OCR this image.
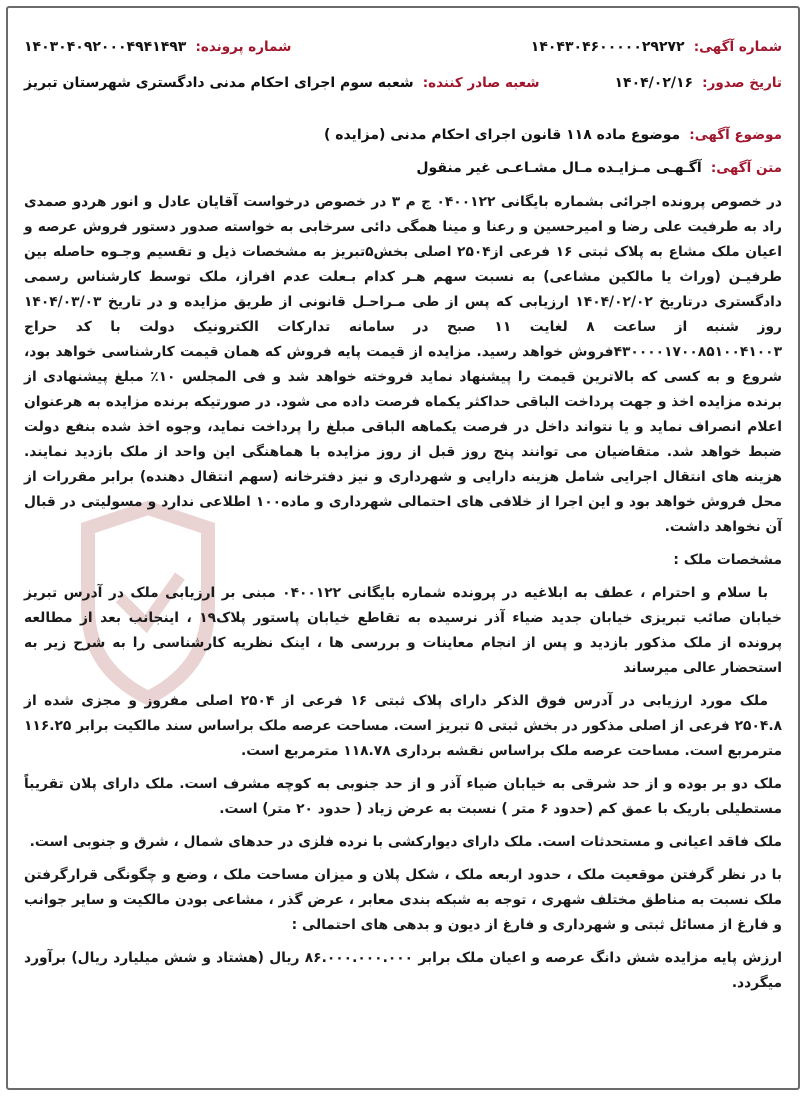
شماره آگهی: ۱۴۰۴۳۰۴۶۰۰۰۰۰۲۹۲۷۲
شماره پرونده: ۱۴۰۳۰۴۰۹۲۰۰۰۴۹۴۱۴۹۳
تاریخ صدور: ۱۴۰۴/۰۲/۱۶
شعبه صادر کننده: شعبه سوم اجرای احکام مدنی دادگستری شهرستان تبریز
موضوع آگهی: موضوع ماده ۱۱۸ قانون اجرای احکام مدنی (مزایده )
متن آگهی: آگـهـی مـزایـده مـال مشـاعـی غیر منقول

در خصوص پرونده اجرائی بشماره بایگانی ۰۴۰۰۱۲۲ ج م ۳ در خصوص درخواست آقایان عادل و انور هردو صمدی راد به طرفیت علی رضا و امیرحسین و رعنا و مینا همگی دائی سرخابی به خواسته صدور دستور فروش عرصه و اعیان ملک مشاع به پلاک ثبتی ۱۶ فرعی از۲۵۰۴ اصلی بخش۵تبریز به مشخصات ذیل و تقسیم وجـوه حاصله بین طرفیـن (وراث یا مالکین مشاعی) به نسبت سهم هـر کدام بـعلت عدم افراز، ملک توسط کارشناس رسمی دادگستری درتاریخ ۱۴۰۴/۰۲/۰۲ ارزیابی که پس از طی مـراحـل قانونی از طریق مزایده و در تاریخ ۱۴۰۴/۰۳/۰۳ روز شنبه از ساعت ۸ لغایت ۱۱ صبح در سامانه تدارکات الکترونیک دولت با کد حراج ۴۳۰۰۰۰۱۷۰۰۸۵۱۰۰۴۱۰۰۳فروش خواهد رسید. مزایده از قیمت پایه فروش که همان قیمت کارشناسی خواهد بود، شروع و به کسی که بالاترین قیمت را پیشنهاد نماید فروخته خواهد شد و فی المجلس ۱۰٪ مبلغ پیشنهادی از برنده مزایده اخذ و جهت پرداخت الباقی حداکثر یکماه فرصت داده می شود. در صورتیکه برنده مزایده به هرعنوان اعلام انصراف نماید و یا نتواند داخل در فرصت یکماهه الباقی مبلغ را پرداخت نماید، وجوه اخذ شده بنفع دولت ضبط خواهد شد. متقاضیان می توانند پنج روز قبل از روز مزایده با هماهنگی این واحد از ملک بازدید نمایند. هزینه های انتقال اجرایی شامل هزینه دارایی و شهرداری و نیز دفترخانه (سهم انتقال دهنده) برابر مقررات از محل فروش خواهد بود و این اجرا از خلافی های احتمالی شهرداری و ماده۱۰۰ اطلاعی ندارد و مسولیتی در قبال آن نخواهد داشت.

مشخصات ملک :

با سلام و احترام ، عطف به ابلاغیه در پرونده شماره بایگانی ۰۴۰۰۱۲۲ مبنی بر ارزیابی ملک در آدرس تبریز خیابان صائب تبریزی خیابان جدید ضیاء آذر نرسیده به تقاطع خیابان پاستور پلاک۱۹ ، اینجانب بعد از مطالعه پرونده از ملک مذکور بازدید و پس از انجام معاینات و بررسی ها ، اینک نظریه کارشناسی را به شرح زیر به استحضار عالی میرساند

ملک مورد ارزیابی در آدرس فوق الذکر دارای پلاک ثبتی ۱۶ فرعی از ۲۵۰۴ اصلی مفروز و مجزی شده از ۲۵۰۴.۸ فرعی از اصلی مذکور در بخش ثبتی ۵ تبریز است. مساحت عرصه ملک براساس سند مالکیت برابر ۱۱۶.۲۵ مترمربع است. مساحت عرصه ملک براساس نقشه برداری ۱۱۸.۷۸ مترمربع است.

ملک دو بر بوده و از حد شرقی به خیابان ضیاء آذر و از حد جنوبی به کوچه مشرف است. ملک دارای پلان تقریباً مستطیلی باریک با عمق کم (حدود ۶ متر ) نسبت به عرض زیاد ( حدود ۲۰ متر) است.

ملک فاقد اعیانی و مستحدثات است. ملک دارای دیوارکشی با نرده فلزی در حدهای شمال ، شرق و جنوبی است.

با در نظر گرفتن موقعیت ملک ، حدود اربعه ملک ، شکل پلان و میزان مساحت ملک ، وضع و چگونگی قرارگرفتن ملک نسبت به مناطق مختلف شهری ، توجه به شبکه بندی معابر ، عرض گذر ، مشاعی بودن مالکیت و سایر جوانب و فارغ از مسائل ثبتی و شهرداری و فارغ از دیون و بدهی های احتمالی :

ارزش پایه مزایده شش دانگ عرصه و اعیان ملک برابر ۸۶.۰۰۰.۰۰۰.۰۰۰ ریال (هشتاد و شش میلیارد ریال) برآورد میگردد.
